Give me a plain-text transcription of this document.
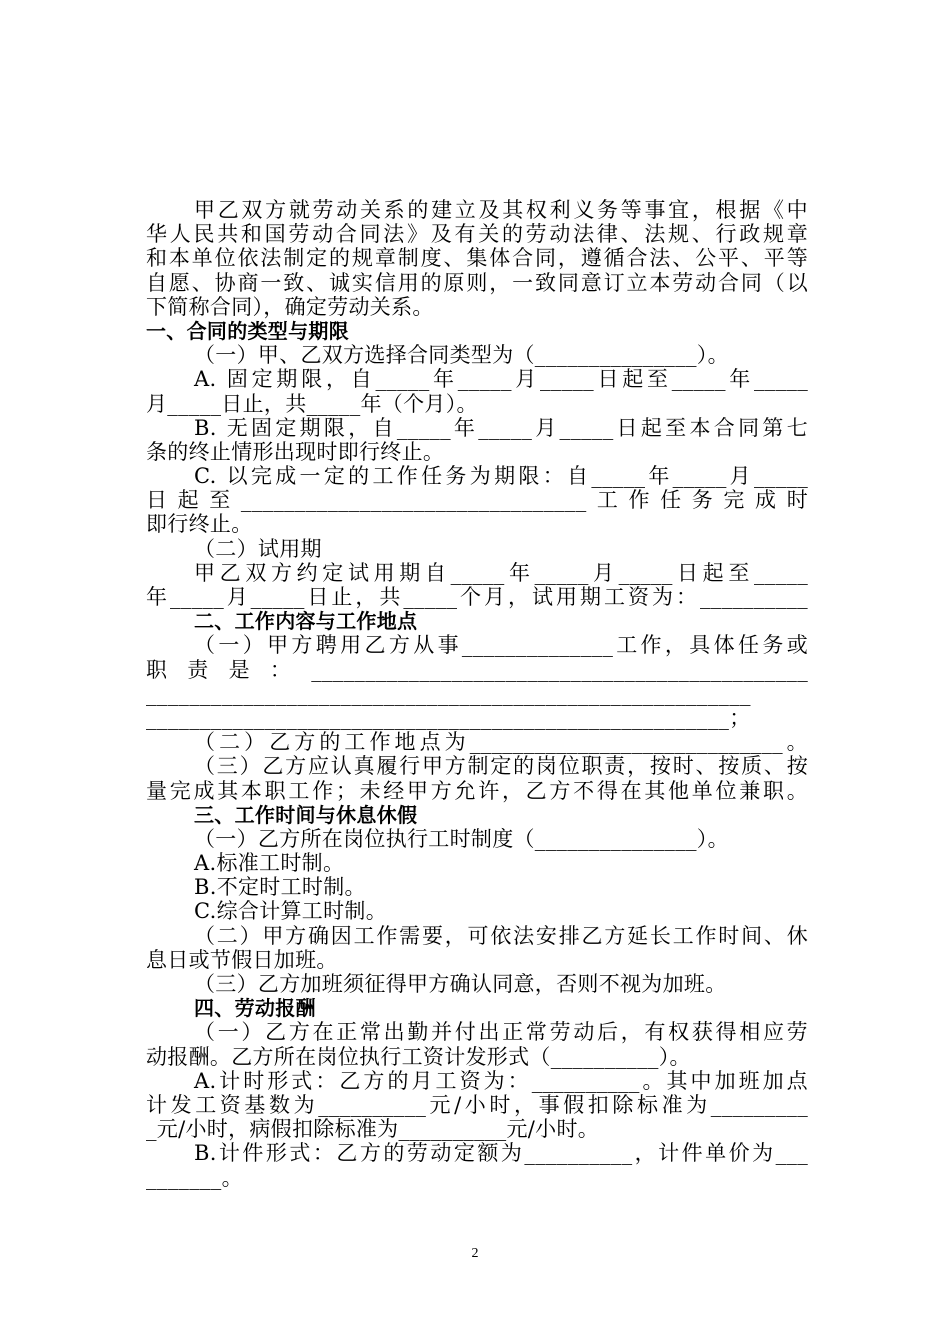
甲乙双方就劳动关系的建立及其权利义务等事宜，根据《中
华人民共和国劳动合同法》及有关的劳动法律、法规、行政规章
和本单位依法制定的规章制度、集体合同，遵循合法、公平、平等
自愿、协商一致、诚实信用的原则，一致同意订立本劳动合同（以
下简称合同），确定劳动关系。
一、合同的类型与期限
（一）甲、乙双方选择合同类型为（_______________）。
A. 固定期限，自_____年_____月_____日起至_____年_____
月_____日止，共_____年（个月）。
B. 无固定期限，自_____年_____月_____日起至本合同第七
条的终止情形出现时即行终止。
C. 以完成一定的工作任务为期限：自_____年_____月_____
日起至________________________________工作任务完成时
即行终止。
（二）试用期
甲乙双方约定试用期自_____年_____月_____日起至_____
年_____月_____日止，共_____个月，试用期工资为：__________
二、工作内容与工作地点
（一）甲方聘用乙方从事______________工作，具体任务或
职责是：______________________________________________
________________________________________________________
______________________________________________________；
（二）乙方的工作地点为_____________________________。
（三）乙方应认真履行甲方制定的岗位职责，按时、按质、按
量完成其本职工作；未经甲方允许，乙方不得在其他单位兼职。
三、工作时间与休息休假
（一）乙方所在岗位执行工时制度（_______________）。
A.标准工时制。
B.不定时工时制。
C.综合计算工时制。
（二）甲方确因工作需要，可依法安排乙方延长工作时间、休
息日或节假日加班。
（三）乙方加班须征得甲方确认同意，否则不视为加班。
四、劳动报酬
（一）乙方在正常出勤并付出正常劳动后，有权获得相应劳
动报酬。乙方所在岗位执行工资计发形式（__________）。
A.计时形式：乙方的月工资为：__________。其中加班加点
计发工资基数为__________元/小时，事假扣除标准为_________
_元/小时，病假扣除标准为__________元/小时。
B.计件形式：乙方的劳动定额为__________，计件单价为___
_______。
2
